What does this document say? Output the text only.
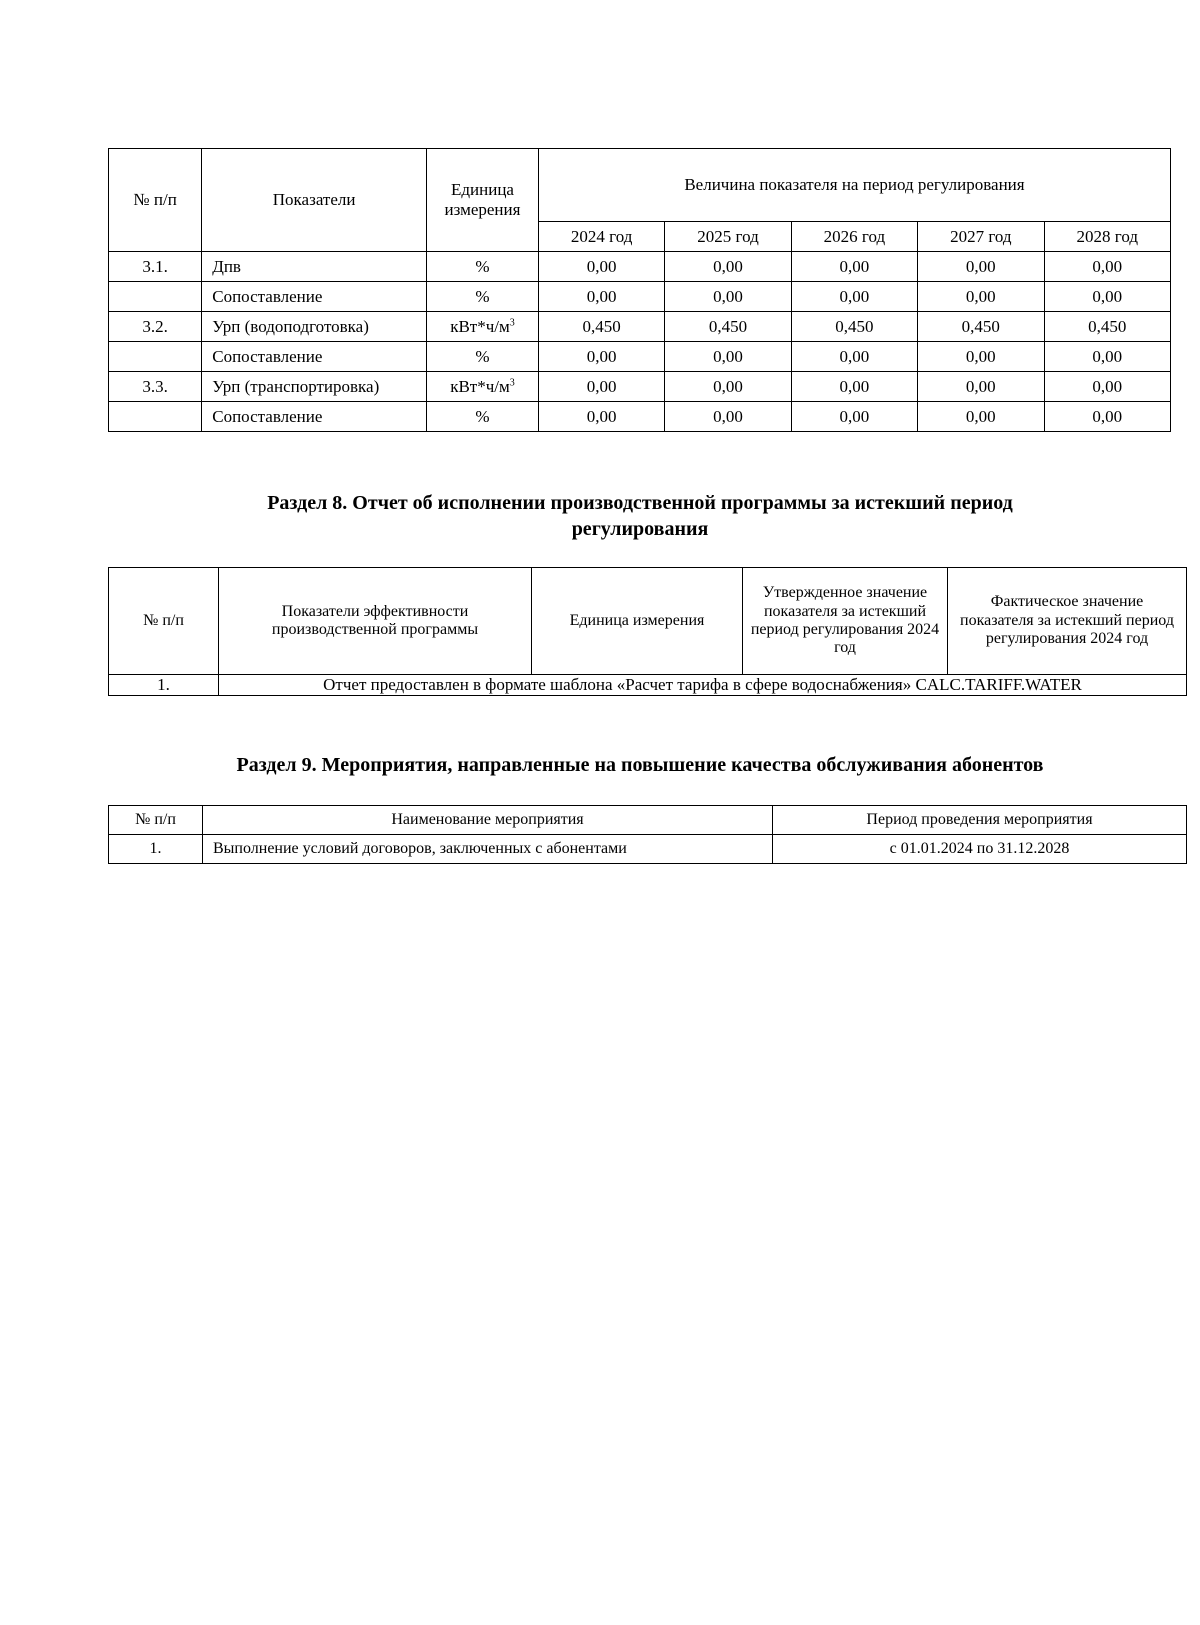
№ п/п	Показатели	Единица измерения	Величина показателя на период регулирования				
			2024 год	2025 год	2026 год	2027 год	2028 год
3.1.	Дпв	%	0,00	0,00	0,00	0,00	0,00
	Сопоставление	%	0,00	0,00	0,00	0,00	0,00
3.2.	Урп (водоподготовка)	$кВт*ч/м^3$	0,450	0,450	0,450	0,450	0,450
	Сопоставление	%	0,00	0,00	0,00	0,00	0,00
3.3.	Урп (транспортировка)	$кВт*ч/м^3$	0,00	0,00	0,00	0,00	0,00
	Сопоставление	%	0,00	0,00	0,00	0,00	0,00
Раздел 8. Отчет об исполнении производственной программы за истекший период
регулирования
№ п/п	Показатели эффективности производственной программы	Единица измерения	Утвержденное значение показателя за истекший период регулирования 2024 год	Фактическое значение показателя за истекший период регулирования 2024 год
1.	Отчет предоставлен в формате шаблона «Расчет тарифа в сфере водоснабжения» CALC.TARIFF.WATER			
Раздел 9. Мероприятия, направленные на повышение качества обслуживания абонентов
№ п/п	Наименование мероприятия	Период проведения мероприятия
1.	Выполнение условий договоров, заключенных с абонентами	с 01.01.2024 по 31.12.2028
